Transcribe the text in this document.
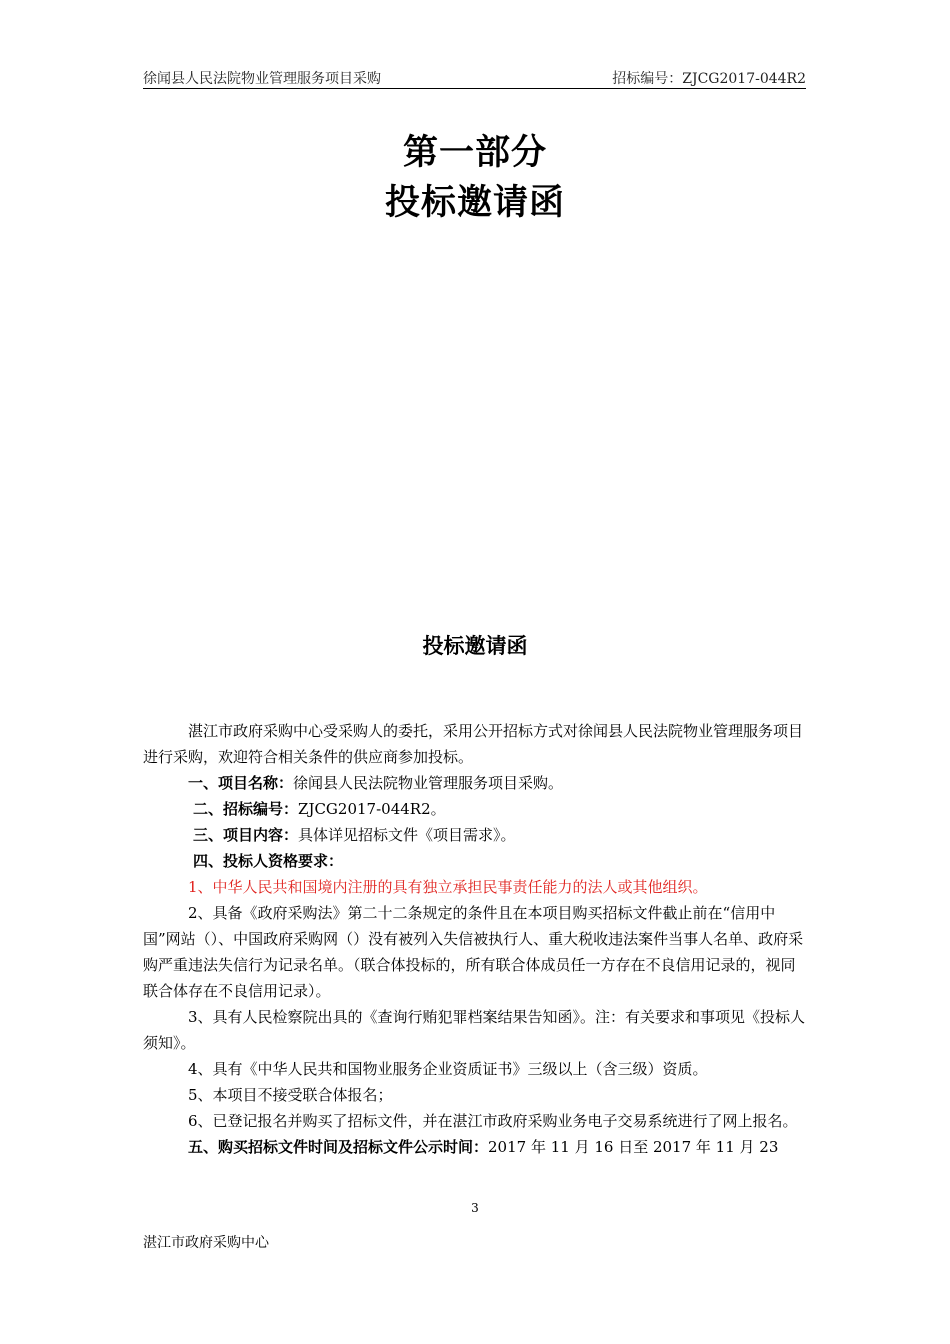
徐闻县人民法院物业管理服务项目采购	招标编号：ZJCG2017-044R2
第一部分
投标邀请函
投标邀请函

湛江市政府采购中心受采购人的委托，采用公开招标方式对徐闻县人民法院物业管理服务项目进行采购，欢迎符合相关条件的供应商参加投标。

一、项目名称：徐闻县人民法院物业管理服务项目采购。

二、招标编号：ZJCG2017-044R2。

三、项目内容：具体详见招标文件《项目需求》。

四、投标人资格要求：

1、中华人民共和国境内注册的具有独立承担民事责任能力的法人或其他组织。

2、具备《政府采购法》第二十二条规定的条件且在本项目购买招标文件截止前在“信用中国”网站（）、中国政府采购网（）没有被列入失信被执行人、重大税收违法案件当事人名单、政府采购严重违法失信行为记录名单。（联合体投标的，所有联合体成员任一方存在不良信用记录的，视同联合体存在不良信用记录）。

3、具有人民检察院出具的《查询行贿犯罪档案结果告知函》。注：有关要求和事项见《投标人须知》。

4、具有《中华人民共和国物业服务企业资质证书》三级以上（含三级）资质。

5、本项目不接受联合体报名；

6、已登记报名并购买了招标文件，并在湛江市政府采购业务电子交易系统进行了网上报名。

五、购买招标文件时间及招标文件公示时间：2017 年 11 月 16 日至 2017 年 11 月 23

3
湛江市政府采购中心
